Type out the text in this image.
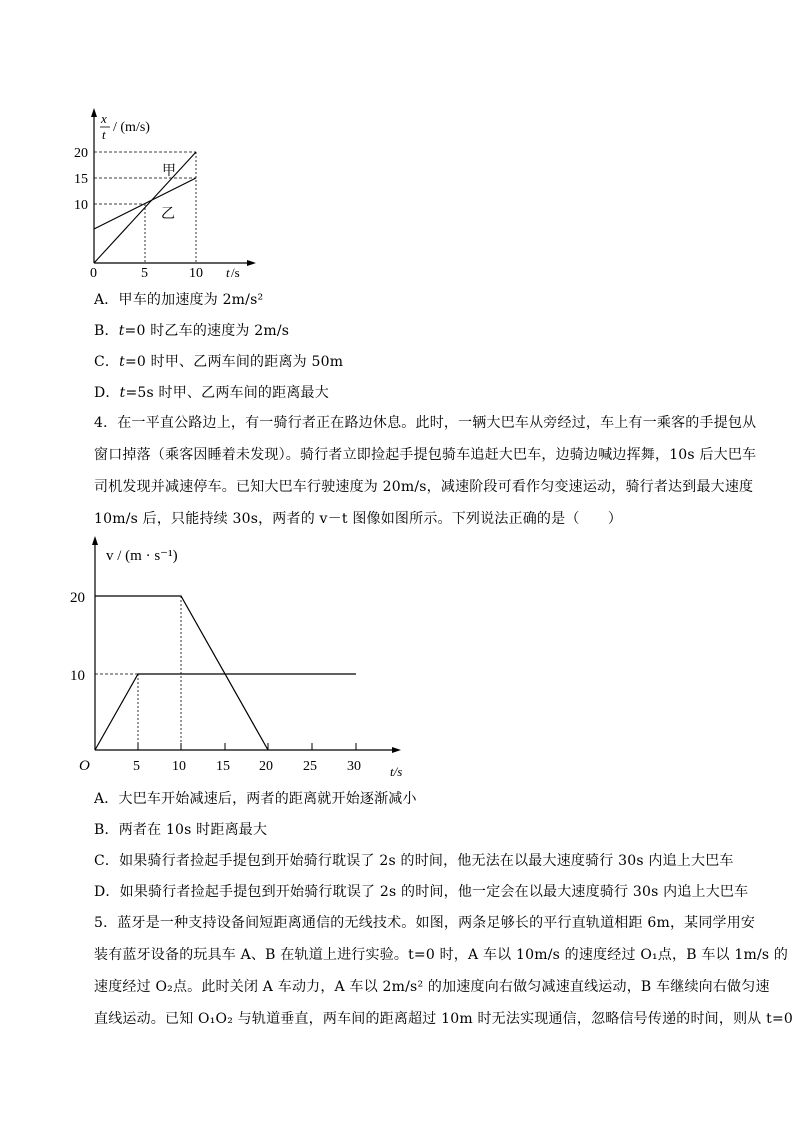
x
t / (m/s)
20
15
10
0	5	10 t /s
甲
乙
A．甲车的加速度为 2m/s²
B．t=0 时乙车的速度为 2m/s
C．t=0 时甲、乙两车间的距离为 50m
D．t=5s 时甲、乙两车间的距离最大
4．在一平直公路边上，有一骑行者正在路边休息。此时，一辆大巴车从旁经过，车上有一乘客的手提包从
窗口掉落（乘客因睡着未发现）。骑行者立即捡起手提包骑车追赶大巴车，边骑边喊边挥舞，10s 后大巴车
司机发现并减速停车。已知大巴车行驶速度为 20m/s，减速阶段可看作匀变速运动，骑行者达到最大速度
10m/s 后，只能持续 30s，两者的 v－t 图像如图所示。下列说法正确的是（　　）
v / (m · s⁻¹)
20
10
O	5 10 15 20 25 30 t/s
A．大巴车开始减速后，两者的距离就开始逐渐减小
B．两者在 10s 时距离最大
C．如果骑行者捡起手提包到开始骑行耽误了 2s 的时间，他无法在以最大速度骑行 30s 内追上大巴车
D．如果骑行者捡起手提包到开始骑行耽误了 2s 的时间，他一定会在以最大速度骑行 30s 内追上大巴车
5．蓝牙是一种支持设备间短距离通信的无线技术。如图，两条足够长的平行直轨道相距 6m，某同学用安
装有蓝牙设备的玩具车 A、B 在轨道上进行实验。t=0 时，A 车以 10m/s 的速度经过 O₁点，B 车以 1m/s 的
速度经过 O₂点。此时关闭 A 车动力，A 车以 2m/s² 的加速度向右做匀减速直线运动，B 车继续向右做匀速
直线运动。已知 O₁O₂ 与轨道垂直，两车间的距离超过 10m 时无法实现通信，忽略信号传递的时间，则从 t=0
